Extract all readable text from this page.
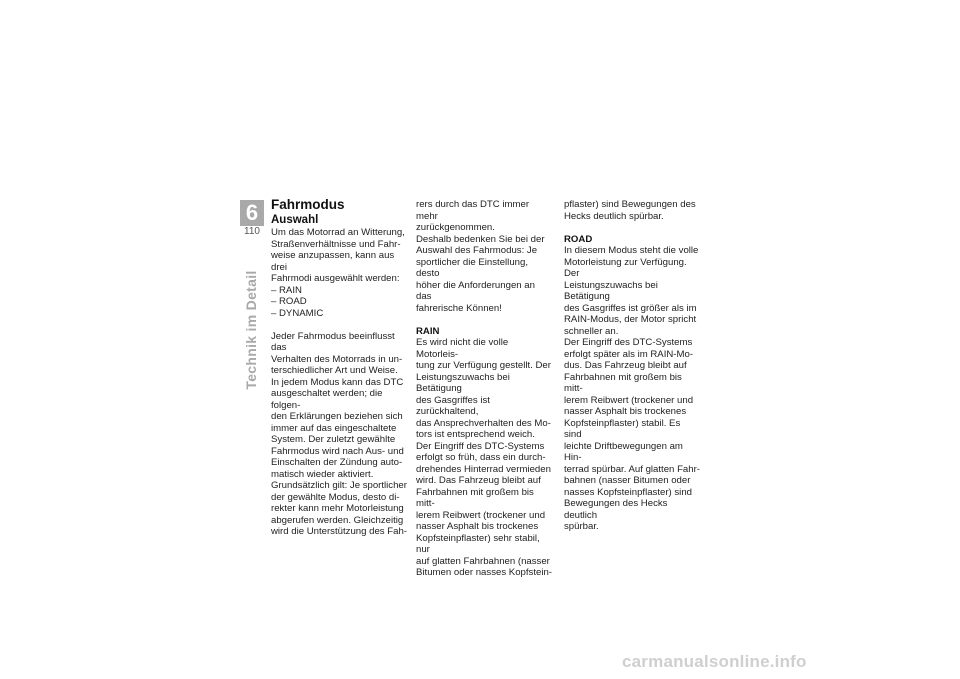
6
110
Technik im Detail
Fahrmodus
Auswahl

Um das Motorrad an Witterung,
Straßenverhältnisse und Fahr-
weise anzupassen, kann aus drei
Fahrmodi ausgewählt werden:

– RAIN
– ROAD
– DYNAMIC

Jeder Fahrmodus beeinflusst das
Verhalten des Motorrads in un-
terschiedlicher Art und Weise.
In jedem Modus kann das DTC
ausgeschaltet werden; die folgen-
den Erklärungen beziehen sich
immer auf das eingeschaltete
System. Der zuletzt gewählte
Fahrmodus wird nach Aus- und
Einschalten der Zündung auto-
matisch wieder aktiviert.
Grundsätzlich gilt: Je sportlicher
der gewählte Modus, desto di-
rekter kann mehr Motorleistung
abgerufen werden. Gleichzeitig
wird die Unterstützung des Fah-

rers durch das DTC immer mehr
zurückgenommen.
Deshalb bedenken Sie bei der
Auswahl des Fahrmodus: Je
sportlicher die Einstellung, desto
höher die Anforderungen an das
fahrerische Können!

RAIN

Es wird nicht die volle Motorleis-
tung zur Verfügung gestellt. Der
Leistungszuwachs bei Betätigung
des Gasgriffes ist zurückhaltend,
das Ansprechverhalten des Mo-
tors ist entsprechend weich.
Der Eingriff des DTC-Systems
erfolgt so früh, dass ein durch-
drehendes Hinterrad vermieden
wird. Das Fahrzeug bleibt auf
Fahrbahnen mit großem bis mitt-
lerem Reibwert (trockener und
nasser Asphalt bis trockenes
Kopfsteinpflaster) sehr stabil, nur
auf glatten Fahrbahnen (nasser
Bitumen oder nasses Kopfstein-

pflaster) sind Bewegungen des
Hecks deutlich spürbar.

ROAD

In diesem Modus steht die volle
Motorleistung zur Verfügung. Der
Leistungszuwachs bei Betätigung
des Gasgriffes ist größer als im
RAIN-Modus, der Motor spricht
schneller an.
Der Eingriff des DTC-Systems
erfolgt später als im RAIN-Mo-
dus. Das Fahrzeug bleibt auf
Fahrbahnen mit großem bis mitt-
lerem Reibwert (trockener und
nasser Asphalt bis trockenes
Kopfsteinpflaster) stabil. Es sind
leichte Driftbewegungen am Hin-
terrad spürbar. Auf glatten Fahr-
bahnen (nasser Bitumen oder
nasses Kopfsteinpflaster) sind
Bewegungen des Hecks deutlich
spürbar.

carmanualsonline.info
